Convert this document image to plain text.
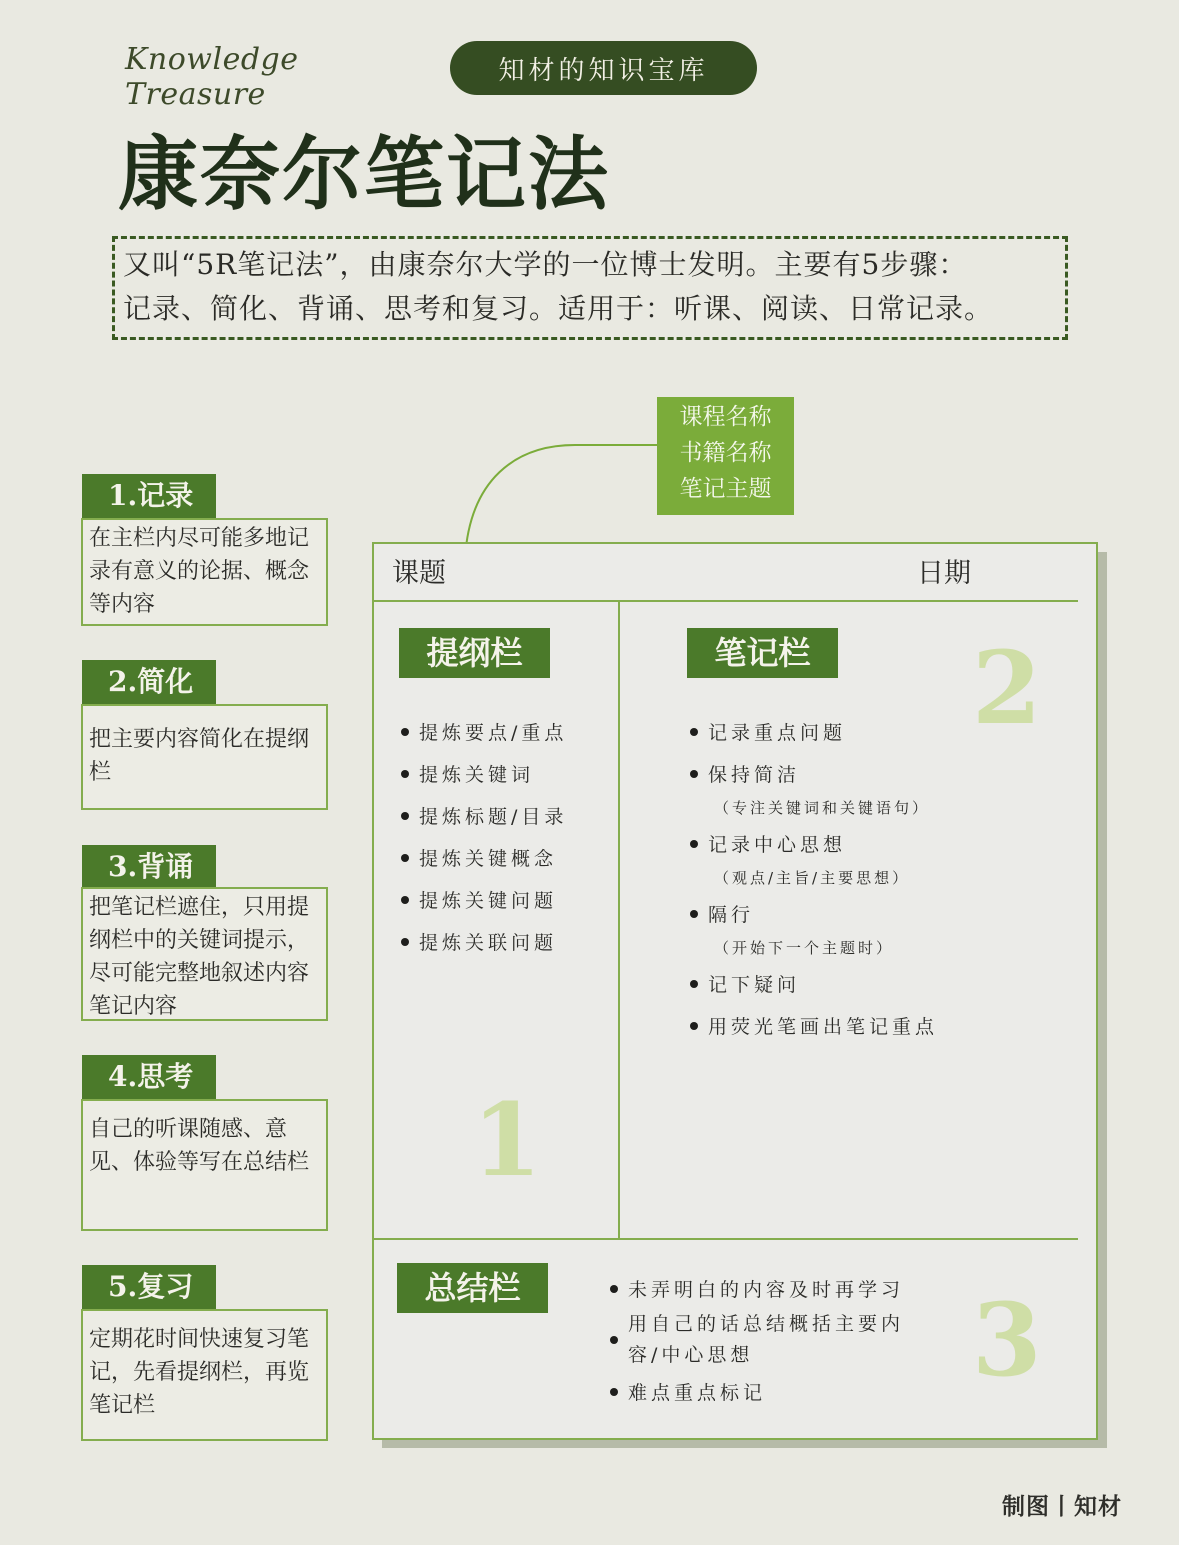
Knowledge Treasure
知材的知识宝库
康奈尔笔记法
又叫“5R笔记法”，由康奈尔大学的一位博士发明。主要有5步骤：
记录、简化、背诵、思考和复习。适用于：听课、阅读、日常记录。
课程名称
书籍名称
笔记主题
1.记录
在主栏内尽可能多地记录有意义的论据、概念等内容
2.简化
把主要内容简化在提纲栏
3.背诵
把笔记栏遮住，只用提纲栏中的关键词提示，尽可能完整地叙述内容笔记内容
4.思考
自己的听课随感、意见、体验等写在总结栏
5.复习
定期花时间快速复习笔记，先看提纲栏，再览笔记栏
课题	日期
提纲栏
提炼要点/重点
提炼关键词
提炼标题/目录
提炼关键概念
提炼关键问题
提炼关联问题
1
笔记栏 2
记录重点问题
保持简洁
（专注关键词和关键语句）
记录中心思想
（观点/主旨/主要思想）
隔行
（开始下一个主题时）
记下疑问
用荧光笔画出笔记重点
总结栏	3
未弄明白的内容及时再学习
用自己的话总结概括主要内容/中心思想
难点重点标记
制图丨知材
